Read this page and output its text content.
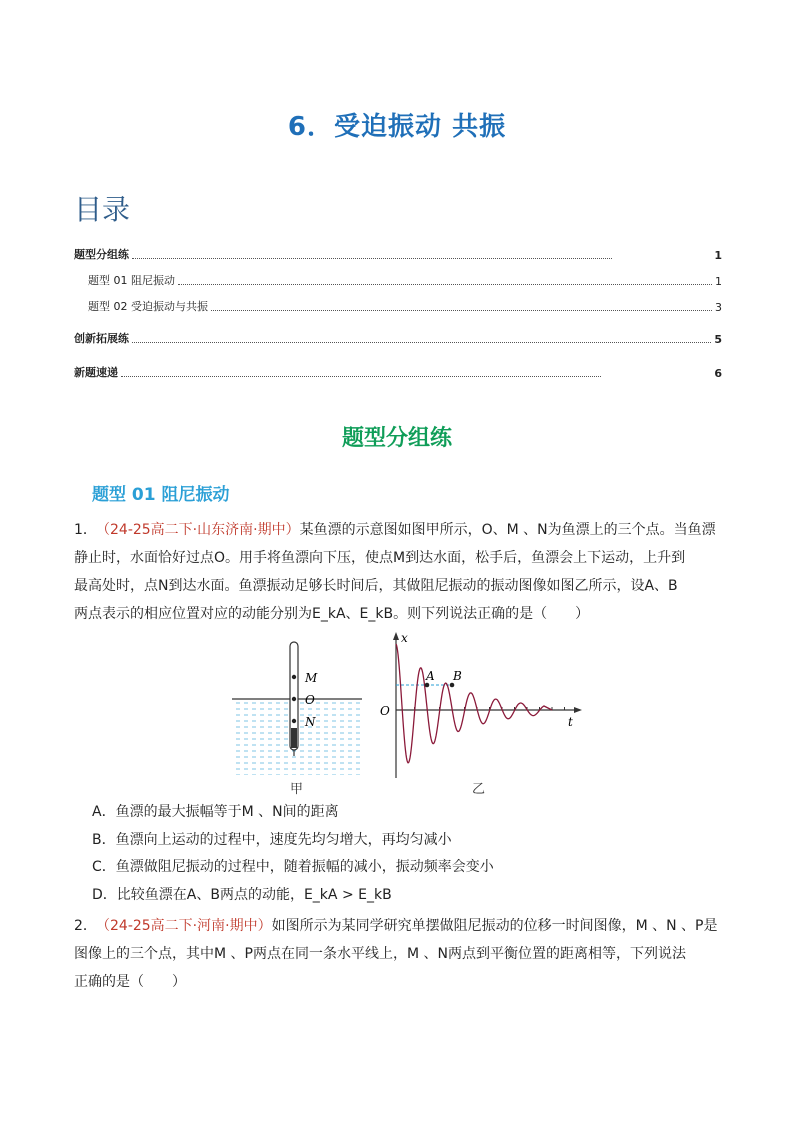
6．受迫振动 共振
目录
题型分组练	1
题型 01 阻尼振动	1
题型 02 受迫振动与共振	3
创新拓展练	5
新题速递	6
题型分组练
题型 01 阻尼振动
1．（24-25高二下·山东济南·期中）某鱼漂的示意图如图甲所示，O、M 、N为鱼漂上的三个点。当鱼漂
静止时，水面恰好过点O。用手将鱼漂向下压，使点M到达水面，松手后，鱼漂会上下运动，上升到
最高处时，点N到达水面。鱼漂振动足够长时间后，其做阻尼振动的振动图像如图乙所示，设A、B
两点表示的相应位置对应的动能分别为E_kA、E_kB。则下列说法正确的是（　　）
M
O
N
甲
A B
O
x
t
乙
A．鱼漂的最大振幅等于M 、N间的距离
B．鱼漂向上运动的过程中，速度先均匀增大，再均匀减小
C．鱼漂做阻尼振动的过程中，随着振幅的减小，振动频率会变小
D．比较鱼漂在A、B两点的动能，E_kA > E_kB
2．（24-25高二下·河南·期中）如图所示为某同学研究单摆做阻尼振动的位移一时间图像，M 、N 、P是
图像上的三个点，其中M 、P两点在同一条水平线上，M 、N两点到平衡位置的距离相等，下列说法
正确的是（　　）
